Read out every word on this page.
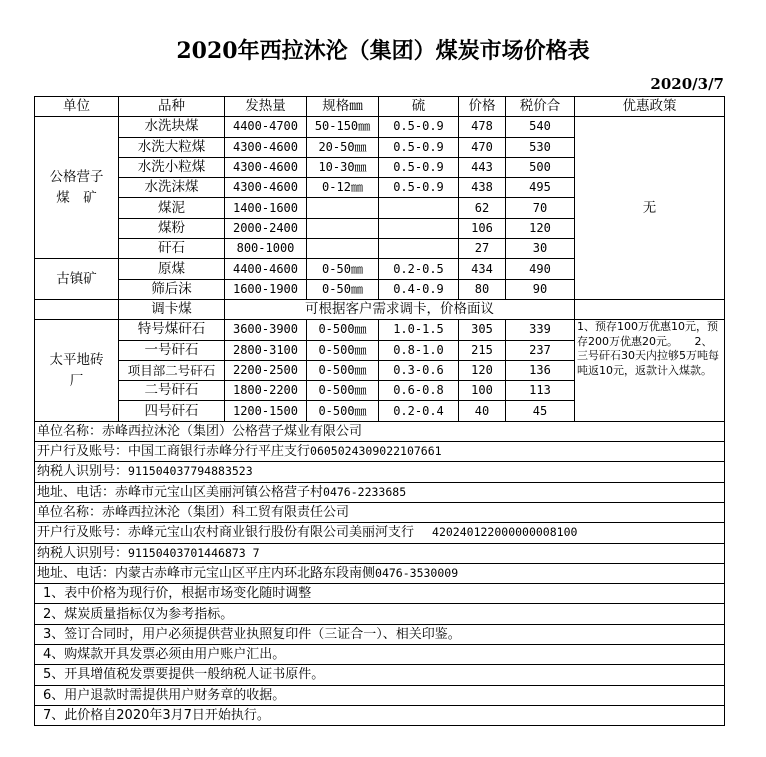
2020年西拉沐沦（集团）煤炭市场价格表
2020/3/7
单位	品种	发热量	规格㎜	硫	价格	税价合	优惠政策
公格营子煤　矿	水洗块煤	4400-4700	50-150㎜	0.5-0.9	478	540	无
	水洗大粒煤	4300-4600	20-50㎜	0.5-0.9	470	530	
	水洗小粒煤	4300-4600	10-30㎜	0.5-0.9	443	500	
	水洗沫煤	4300-4600	0-12㎜	0.5-0.9	438	495	
	煤泥	1400-1600			62	70	
	煤粉	2000-2400			106	120	
	矸石	800-1000			27	30	
古镇矿	原煤	4400-4600	0-50㎜	0.2-0.5	434	490	
	筛后沫	1600-1900	0-50㎜	0.4-0.9	80	90	
	调卡煤	可根据客户需求调卡，价格面议					
太平地砖　厂	特号煤矸石	3600-3900	0-500㎜	1.0-1.5	305	339	1、预存100万优惠10元，预存200万优惠20元。　　2、三号矸石30天内拉够5万吨每吨返10元，返款计入煤款。
	一号矸石	2800-3100	0-500㎜	0.8-1.0	215	237	
	项目部二号矸石	2200-2500	0-500㎜	0.3-0.6	120	136	
	二号矸石	1800-2200	0-500㎜	0.6-0.8	100	113	
	四号矸石	1200-1500	0-500㎜	0.2-0.4	40	45	
单位名称：赤峰西拉沐沦（集团）公格营子煤业有限公司							
开户行及账号：中国工商银行赤峰分行平庄支行0605024309022107661							
纳税人识别号：911504037794883523							
地址、电话：赤峰市元宝山区美丽河镇公格营子村0476-2233685							
单位名称：赤峰西拉沐沦（集团）科工贸有限责任公司							
开户行及账号：赤峰元宝山农村商业银行股份有限公司美丽河支行 420240122000000008100							
纳税人识别号：91150403701446873 7							
地址、电话：内蒙古赤峰市元宝山区平庄内环北路东段南侧0476-3530009							
1、表中价格为现行价，根据市场变化随时调整							
2、煤炭质量指标仅为参考指标。							
3、签订合同时，用户必须提供营业执照复印件（三证合一）、相关印鉴。							
4、购煤款开具发票必须由用户账户汇出。							
5、开具增值税发票要提供一般纳税人证书原件。							
6、用户退款时需提供用户财务章的收据。							
7、此价格自2020年3月7日开始执行。							
